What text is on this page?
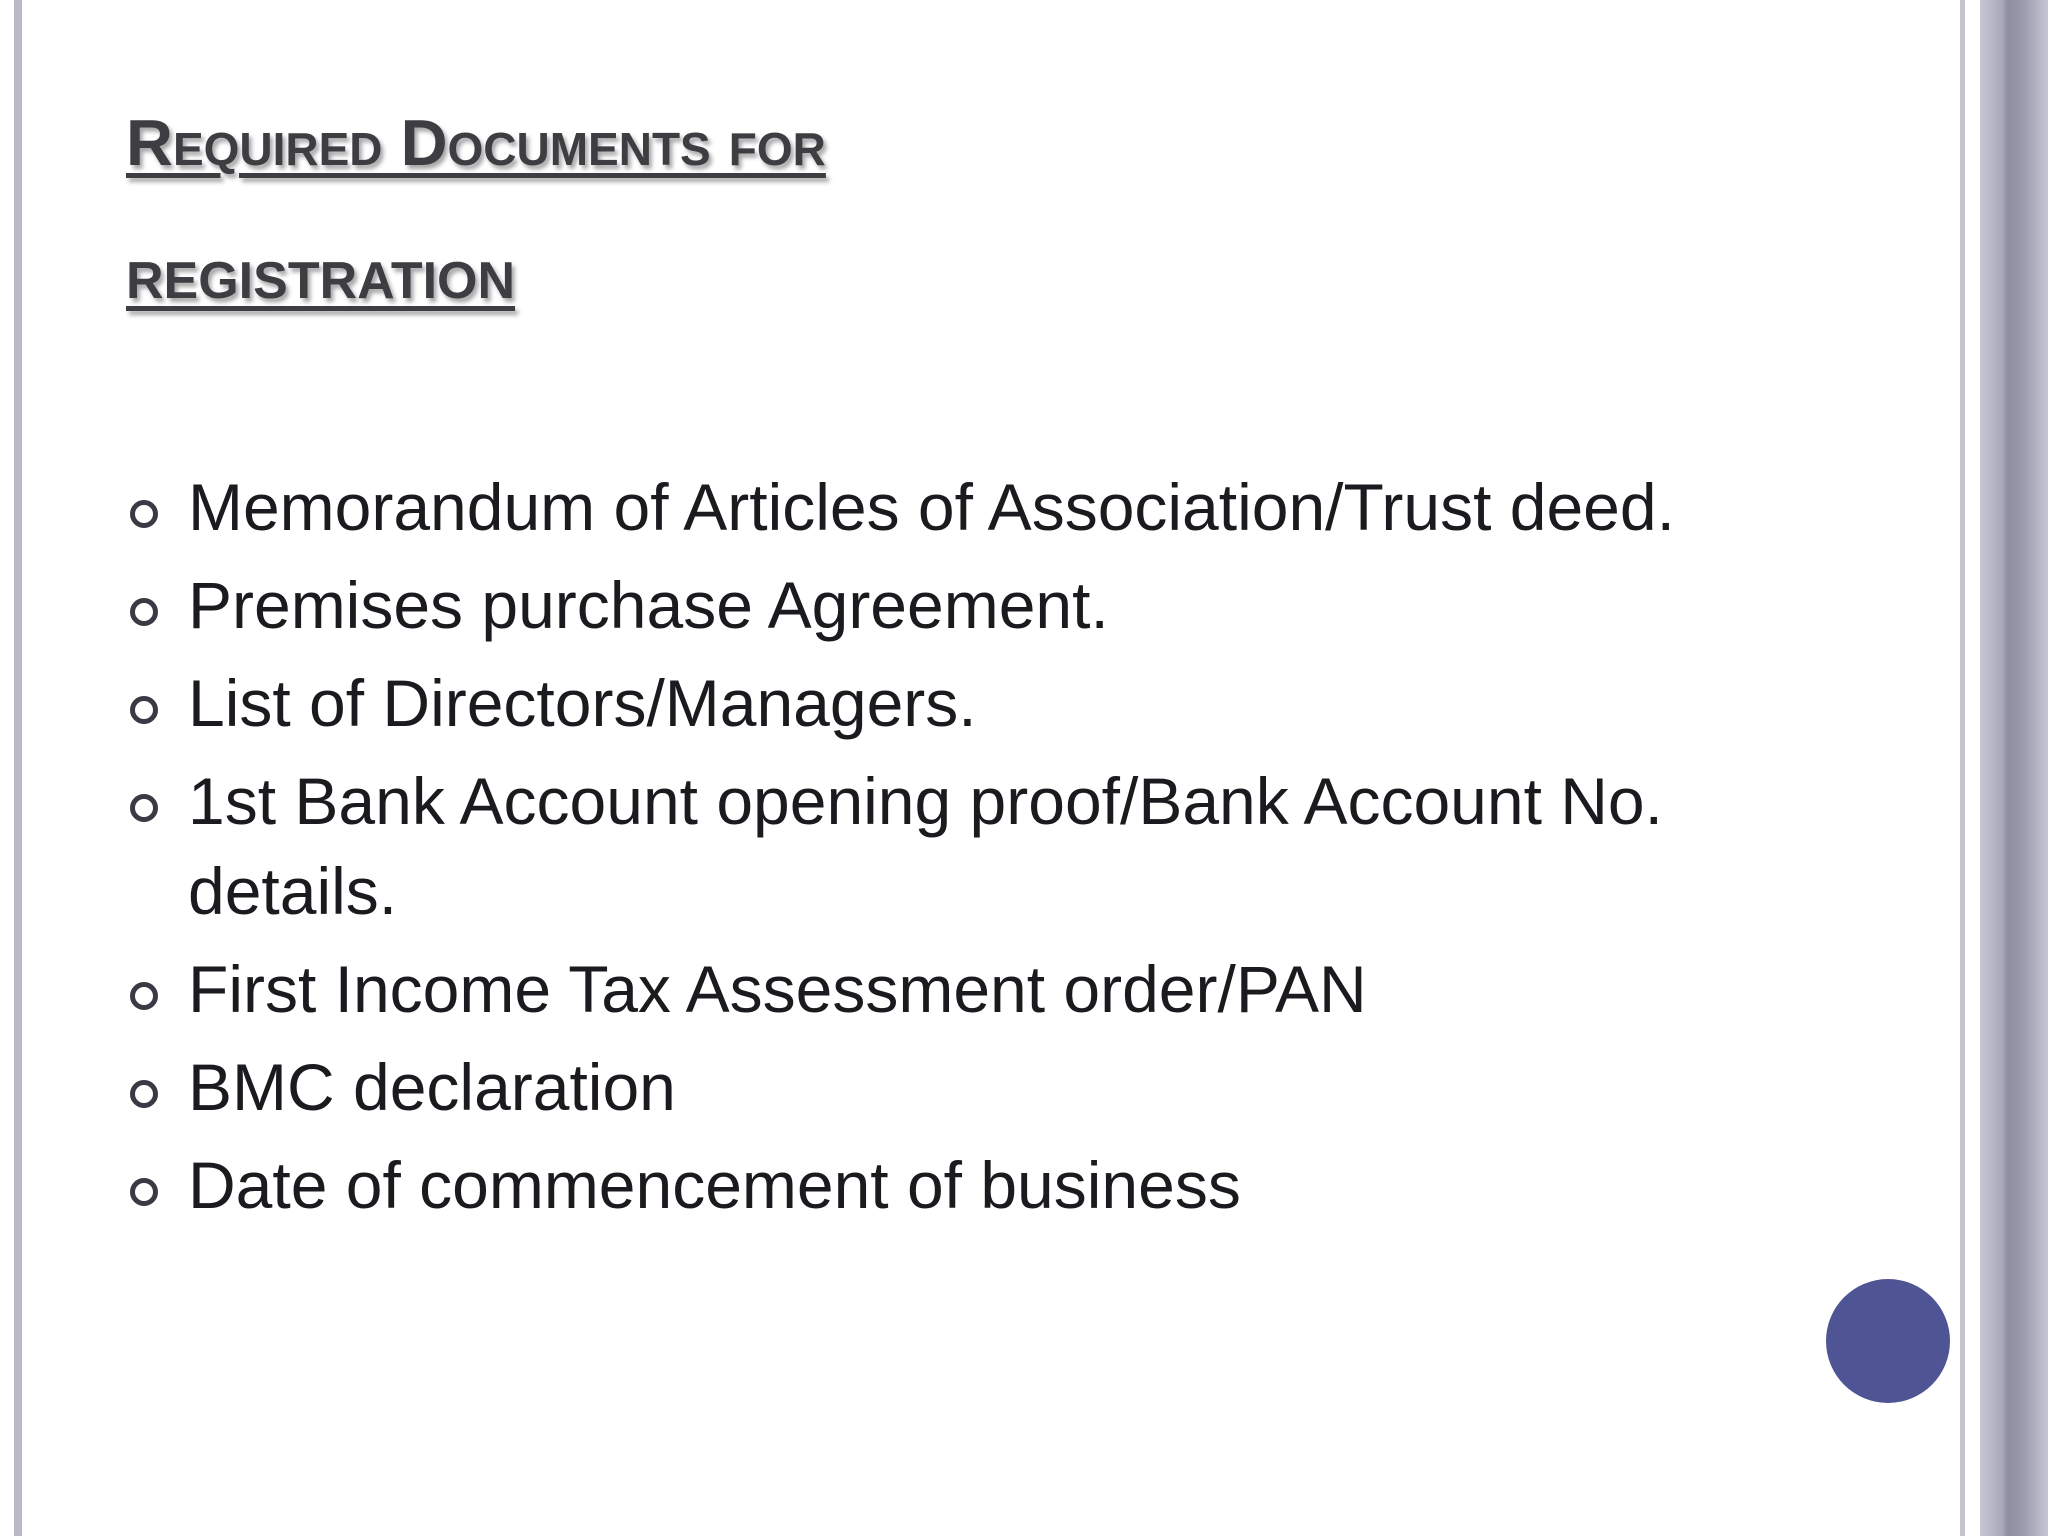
Required Documents for
registration
Memorandum of Articles of Association/Trust deed.
Premises purchase Agreement.
List of Directors/Managers.
1st Bank Account opening proof/Bank Account No. details.
First Income Tax Assessment order/PAN
BMC declaration
Date of commencement of business
